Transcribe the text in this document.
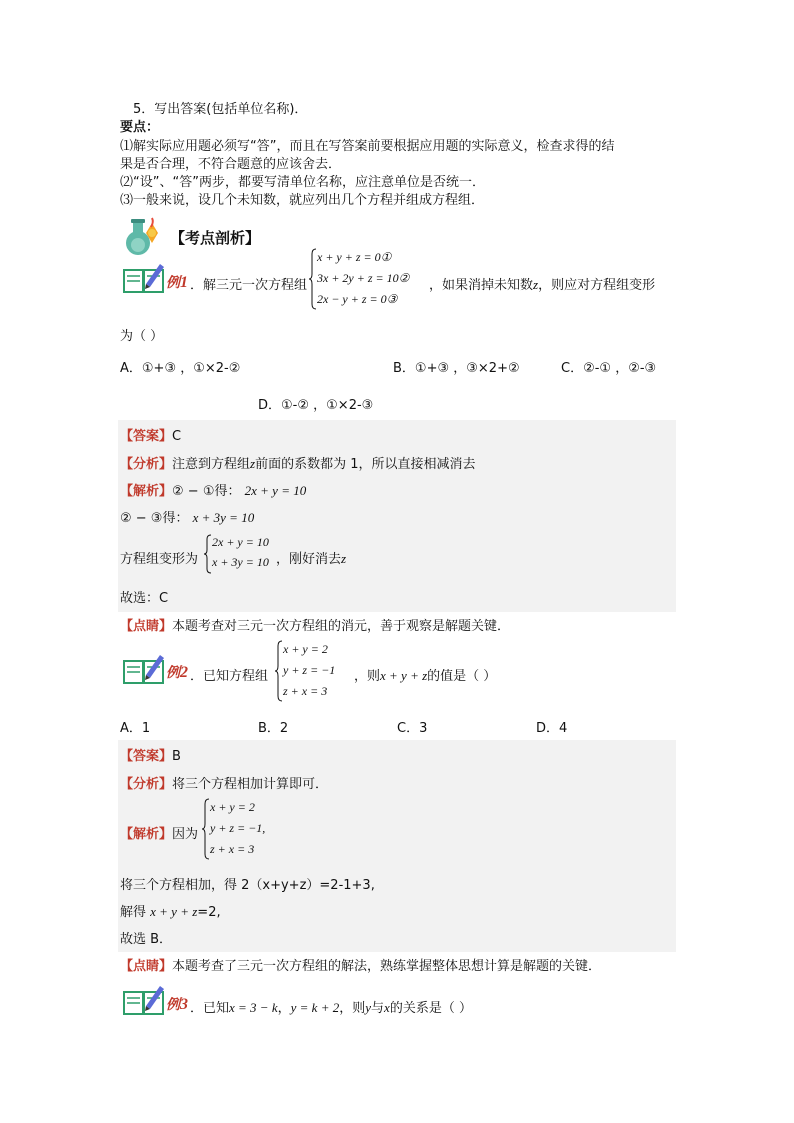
5．写出答案(包括单位名称)．
要点：
⑴解实际应用题必须写“答”，而且在写答案前要根据应用题的实际意义，检查求得的结
果是否合理，不符合题意的应该舍去．
⑵“设”、“答”两步，都要写清单位名称，应注意单位是否统一．
⑶一般来说，设几个未知数，就应列出几个方程并组成方程组．
【考点剖析】
例1 ．解三元一次方程组
x + y + z = 0①
3x + 2y + z = 10②
2x − y + z = 0③
，如果消掉未知数z，则应对方程组变形
为（ ）
A．①+③ ，①×2-②	B．①+③ ，③×2+②	C．②-① ，②-③
D．①-② ，①×2-③
【答案】C
【分析】注意到方程组z前面的系数都为 1，所以直接相减消去
【解析】② − ①得： 2x + y = 10
② − ③得： x + 3y = 10
方程组变形为
2x + y = 10
x + 3y = 10 ，刚好消去z
故选：C
【点睛】本题考查对三元一次方程组的消元，善于观察是解题关键．
例2 ．已知方程组
x + y = 2
y + z = −1
z + x = 3
，则x + y + z的值是（ ）
A．1	B．2	C．3	D．4
【答案】B
【分析】将三个方程相加计算即可．
【解析】因为
x + y = 2
y + z = −1,
z + x = 3
将三个方程相加，得 2（x+y+z）=2-1+3,
解得 x + y + z=2,
故选 B．
【点睛】本题考查了三元一次方程组的解法，熟练掌握整体思想计算是解题的关键．
例3 ．已知x = 3 − k，y = k + 2，则y与x的关系是（ ）
